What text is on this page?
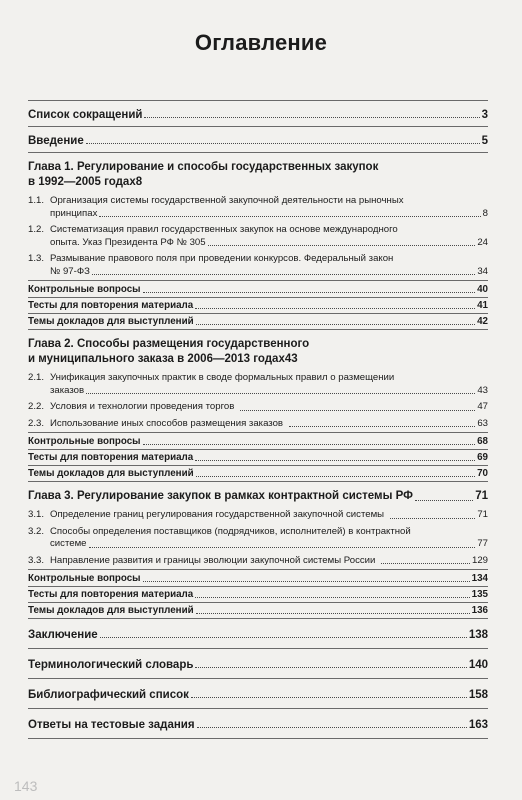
Оглавление
Список сокращений	3
Введение	5
Глава 1. Регулирование и способы государственных закупок
в 1992—2005 годах 8
1.1. Организация системы государственной закупочной деятельности на рыночных
принципах	8
1.2. Систематизация правил государственных закупок на основе международного
опыта. Указ Президента РФ № 305	24
1.3. Размывание правового поля при проведении конкурсов. Федеральный закон
№ 97-ФЗ	34
Контрольные вопросы	40
Тесты для повторения материала	41
Темы докладов для выступлений	42
Глава 2. Способы размещения государственного
и муниципального заказа в 2006—2013 годах 43
2.1. Унификация закупочных практик в своде формальных правил о размещении
заказов	43
2.2. Условия и технологии проведения торгов	47
2.3. Использование иных способов размещения заказов	63
Контрольные вопросы	68
Тесты для повторения материала	69
Темы докладов для выступлений	70
Глава 3. Регулирование закупок в рамках контрактной системы РФ	71
3.1. Определение границ регулирования государственной закупочной системы	71
3.2. Способы определения поставщиков (подрядчиков, исполнителей) в контрактной
системе	77
3.3. Направление развития и границы эволюции закупочной системы России	129
Контрольные вопросы	134
Тесты для повторения материала	135
Темы докладов для выступлений	136
Заключение	138
Терминологический словарь	140
Библиографический список	158
Ответы на тестовые задания	163
143
